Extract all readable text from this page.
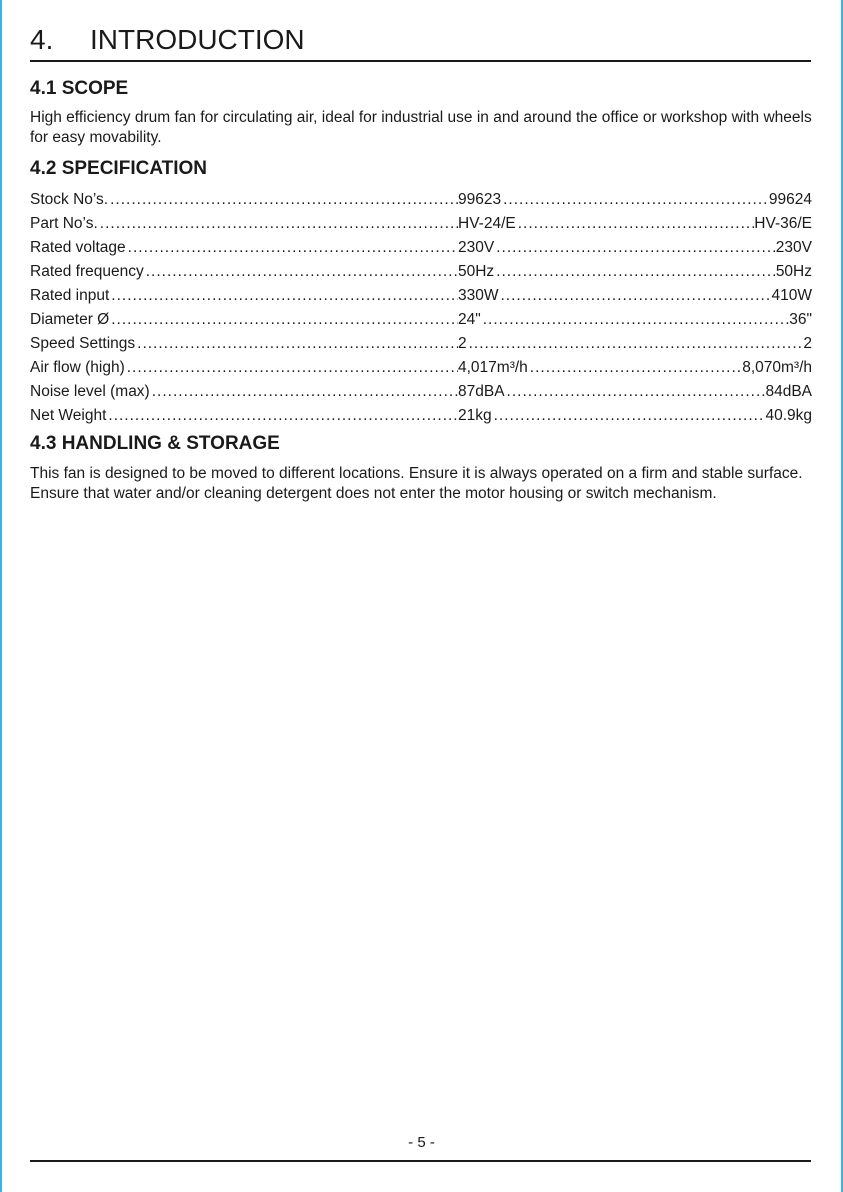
4. INTRODUCTION
4.1 SCOPE
High efficiency drum fan for circulating air, ideal for industrial use in and around the office or workshop with wheels for easy movability.
4.2 SPECIFICATION
Stock No’s. .....	99623 .....	99624
Part No’s. .....	HV-24/E .....	HV-36/E
Rated voltage .....	230V .....	230V
Rated frequency .....	50Hz .....	50Hz
Rated input .....	330W .....	410W
Diameter Ø .....	24" .....	36"
Speed Settings .....	2 .....	2
Air flow (high) .....	4,017m³/h .....	8,070m³/h
Noise level (max) .....	87dBA .....	84dBA
Net Weight .....	21kg .....	40.9kg
4.3 HANDLING & STORAGE
This fan is designed to be moved to different locations. Ensure it is always operated on a firm and stable surface. Ensure that water and/or cleaning detergent does not enter the motor housing or switch mechanism.
- 5 -
